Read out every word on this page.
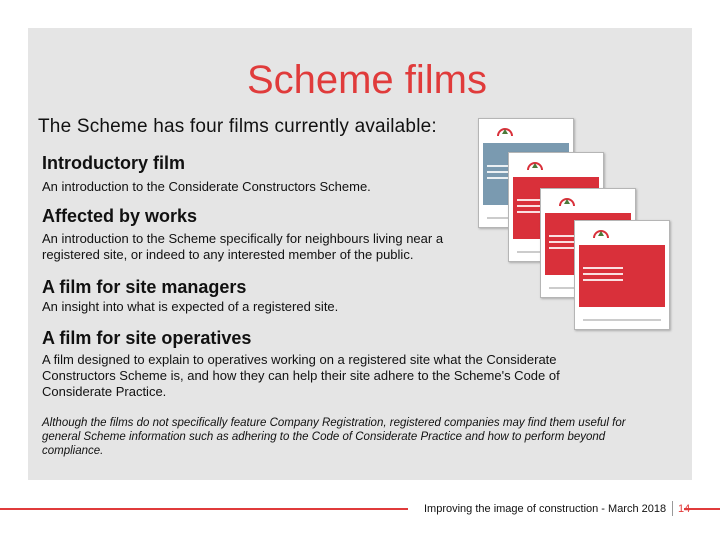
Scheme films
The Scheme has four films currently available:
Introductory film
An introduction to the Considerate Constructors Scheme.
Affected by works
An introduction to the Scheme specifically for neighbours living near a
registered site, or indeed to any interested member of the public.
A film for site managers
An insight into what is expected of a registered site.
A film for site operatives
A film designed to explain to operatives working on a registered site what the Considerate
Constructors Scheme is, and how they can help their site adhere to the Scheme's Code of
Considerate Practice.
Although the films do not specifically feature Company Registration, registered companies may find them useful for
general Scheme information such as adhering to the Code of Considerate Practice and how to perform beyond
compliance.
DVD
DVD
DVD
DVD
Improving the image of construction - March 2018 14
